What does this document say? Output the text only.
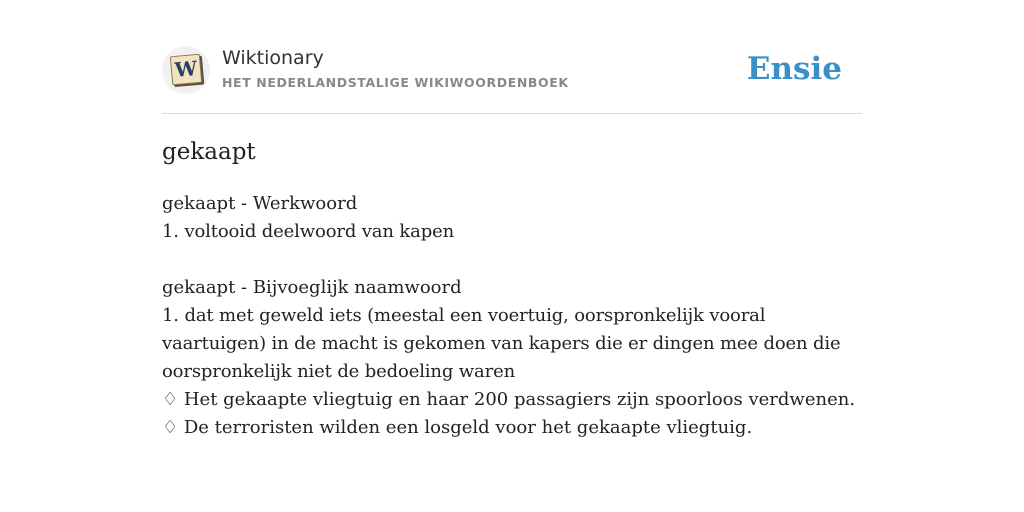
W Wiktionary
HET NEDERLANDSTALIGE WIKIWOORDENBOEK	Ensie
gekaapt

gekaapt - Werkwoord

1. voltooid deelwoord van kapen

gekaapt - Bijvoeglijk naamwoord

1. dat met geweld iets (meestal een voertuig, oorspronkelijk vooral vaartuigen) in de macht is gekomen van kapers die er dingen mee doen die oorspronkelijk niet de bedoeling waren

♢ Het gekaapte vliegtuig en haar 200 passagiers zijn spoorloos verdwenen.

♢ De terroristen wilden een losgeld voor het gekaapte vliegtuig.
